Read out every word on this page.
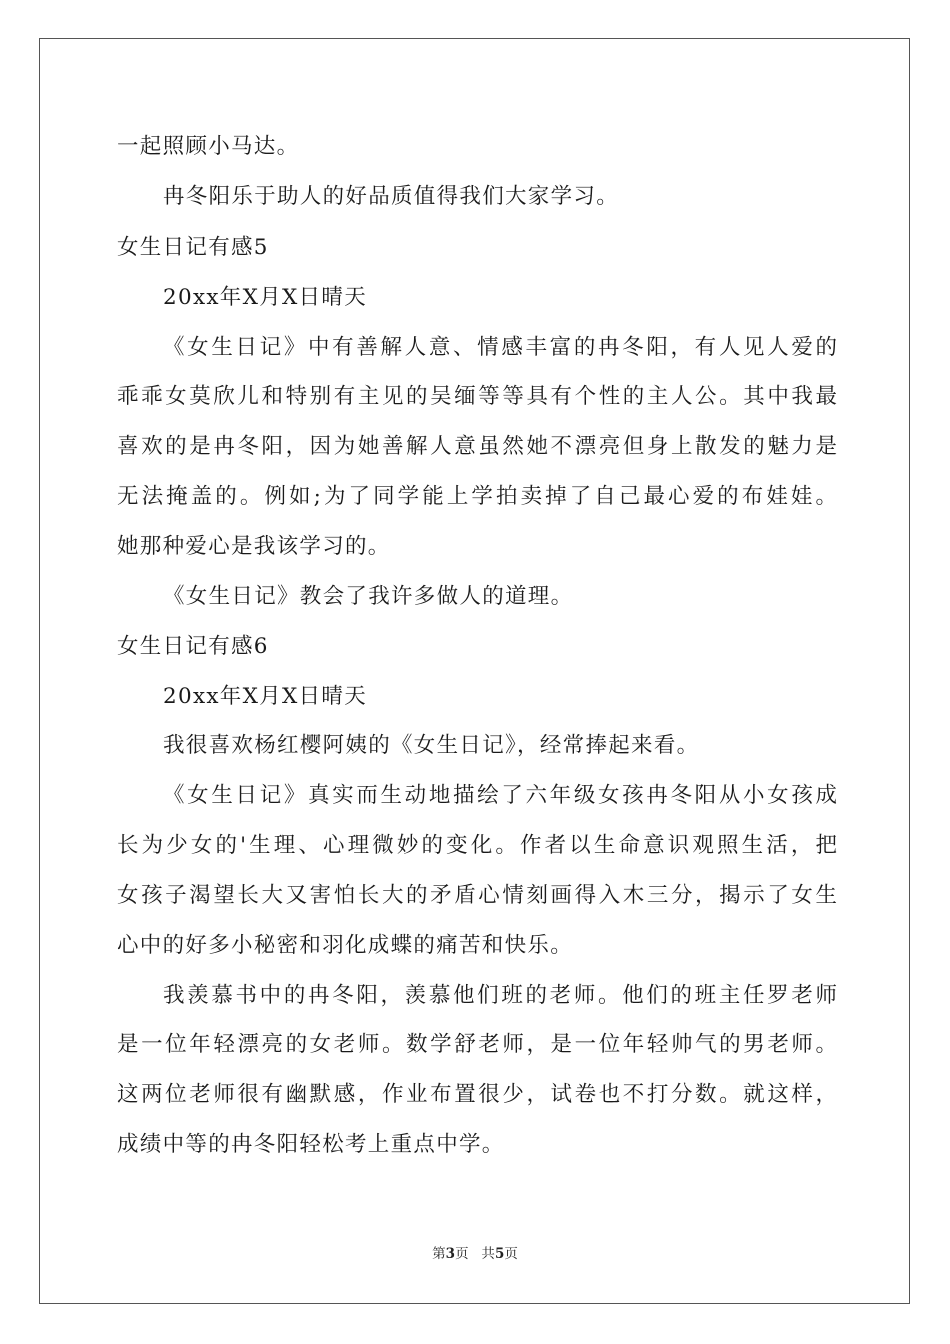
一起照顾小马达。
冉冬阳乐于助人的好品质值得我们大家学习。
女生日记有感5
20xx年X月X日晴天
《女生日记》中有善解人意、情感丰富的冉冬阳，有人见人爱的
乖乖女莫欣儿和特别有主见的吴缅等等具有个性的主人公。其中我最
喜欢的是冉冬阳，因为她善解人意虽然她不漂亮但身上散发的魅力是
无法掩盖的。例如;为了同学能上学拍卖掉了自己最心爱的布娃娃。
她那种爱心是我该学习的。
《女生日记》教会了我许多做人的道理。
女生日记有感6
20xx年X月X日晴天
我很喜欢杨红樱阿姨的《女生日记》，经常捧起来看。
《女生日记》真实而生动地描绘了六年级女孩冉冬阳从小女孩成
长为少女的'生理、心理微妙的变化。作者以生命意识观照生活，把
女孩子渴望长大又害怕长大的矛盾心情刻画得入木三分，揭示了女生
心中的好多小秘密和羽化成蝶的痛苦和快乐。
我羡慕书中的冉冬阳，羡慕他们班的老师。他们的班主任罗老师
是一位年轻漂亮的女老师。数学舒老师，是一位年轻帅气的男老师。
这两位老师很有幽默感，作业布置很少，试卷也不打分数。就这样，
成绩中等的冉冬阳轻松考上重点中学。
第3页   共5页
